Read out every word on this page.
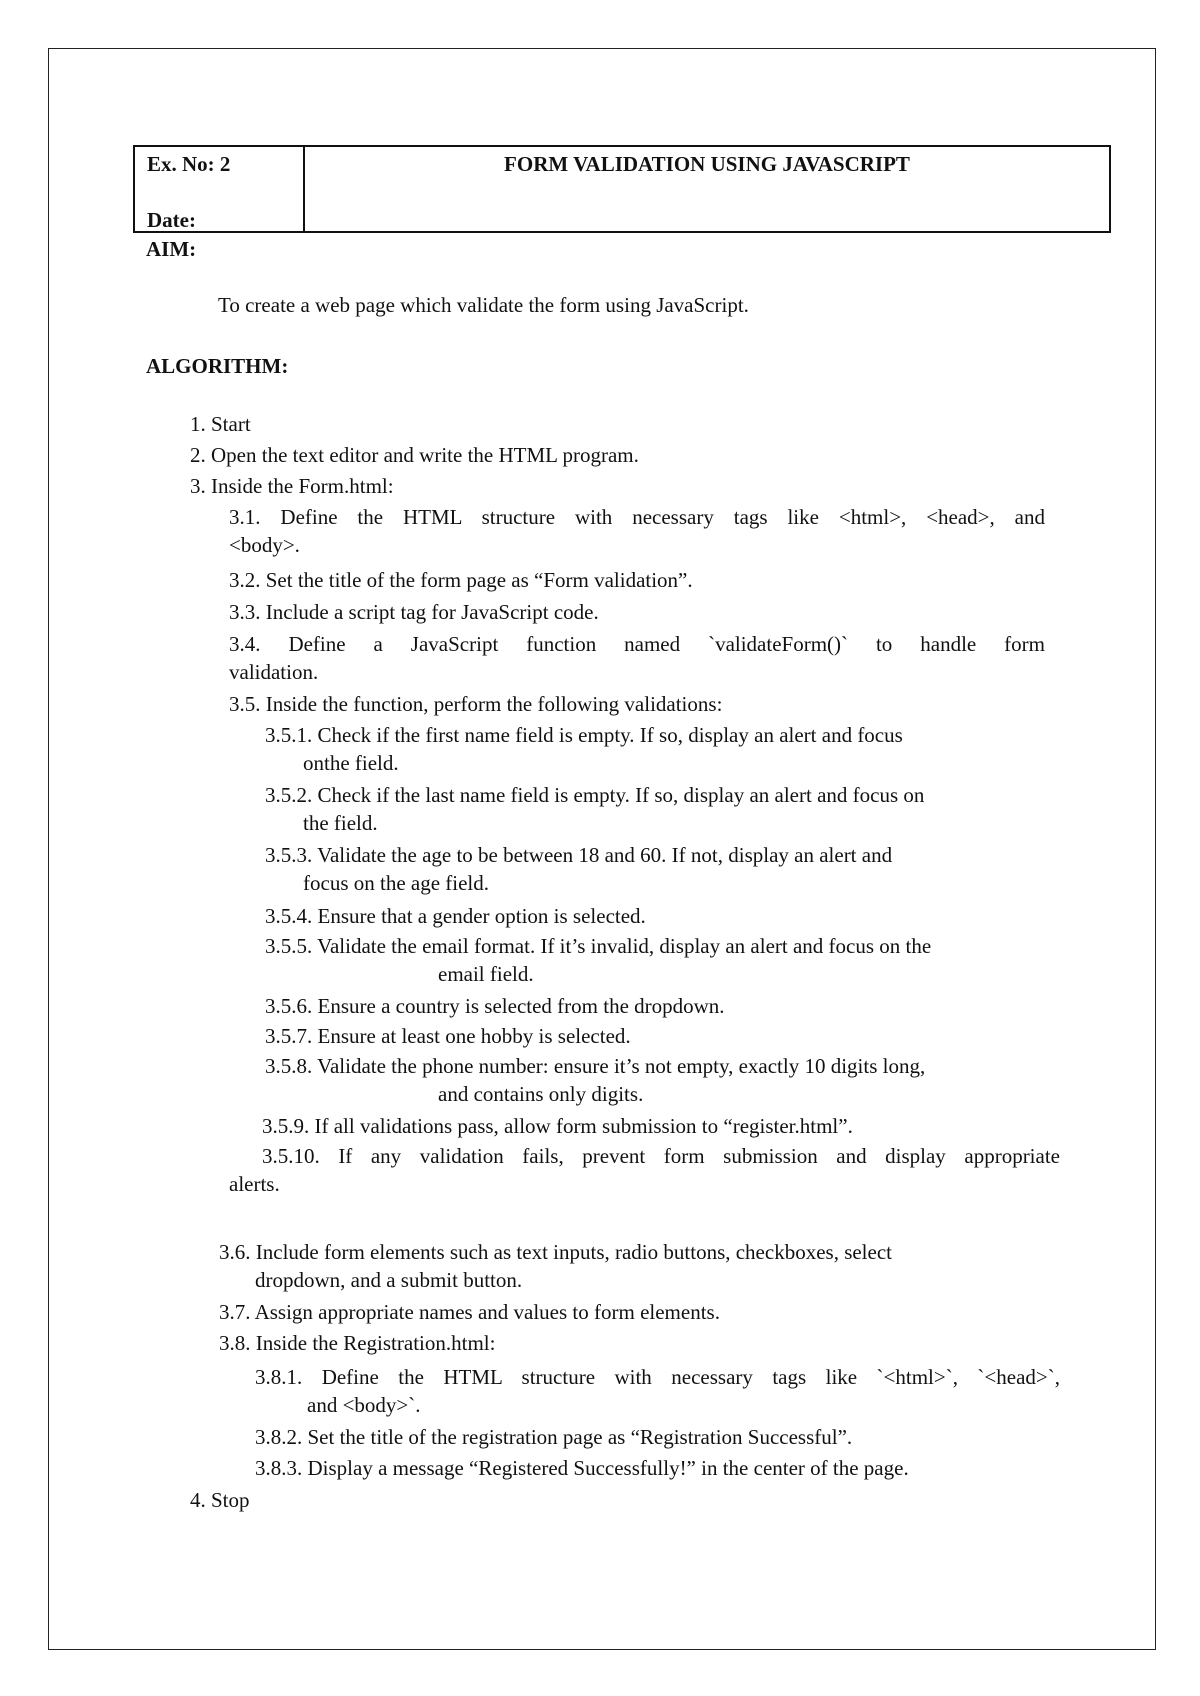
Ex. No: 2
Date:
FORM VALIDATION USING JAVASCRIPT
AIM:
To create a web page which validate the form using JavaScript.
ALGORITHM:
1. Start
2. Open the text editor and write the HTML program.
3. Inside the Form.html:
3.1. Define the HTML structure with necessary tags like <html>, <head>, and
<body>.
3.2. Set the title of the form page as “Form validation”.
3.3. Include a script tag for JavaScript code.
3.4. Define a JavaScript function named `validateForm()` to handle form
validation.
3.5. Inside the function, perform the following validations:
3.5.1. Check if the first name field is empty. If so, display an alert and focus
onthe field.
3.5.2. Check if the last name field is empty. If so, display an alert and focus on
the field.
3.5.3. Validate the age to be between 18 and 60. If not, display an alert and
focus on the age field.
3.5.4. Ensure that a gender option is selected.
3.5.5. Validate the email format. If it’s invalid, display an alert and focus on the
email field.
3.5.6. Ensure a country is selected from the dropdown.
3.5.7. Ensure at least one hobby is selected.
3.5.8. Validate the phone number: ensure it’s not empty, exactly 10 digits long,
and contains only digits.
3.5.9. If all validations pass, allow form submission to “register.html”.
3.5.10. If any validation fails, prevent form submission and display appropriate
alerts.
3.6. Include form elements such as text inputs, radio buttons, checkboxes, select
dropdown, and a submit button.
3.7. Assign appropriate names and values to form elements.
3.8. Inside the Registration.html:
3.8.1. Define the HTML structure with necessary tags like `<html>`, `<head>`,
and <body>`.
3.8.2. Set the title of the registration page as “Registration Successful”.
3.8.3. Display a message “Registered Successfully!” in the center of the page.
4. Stop
